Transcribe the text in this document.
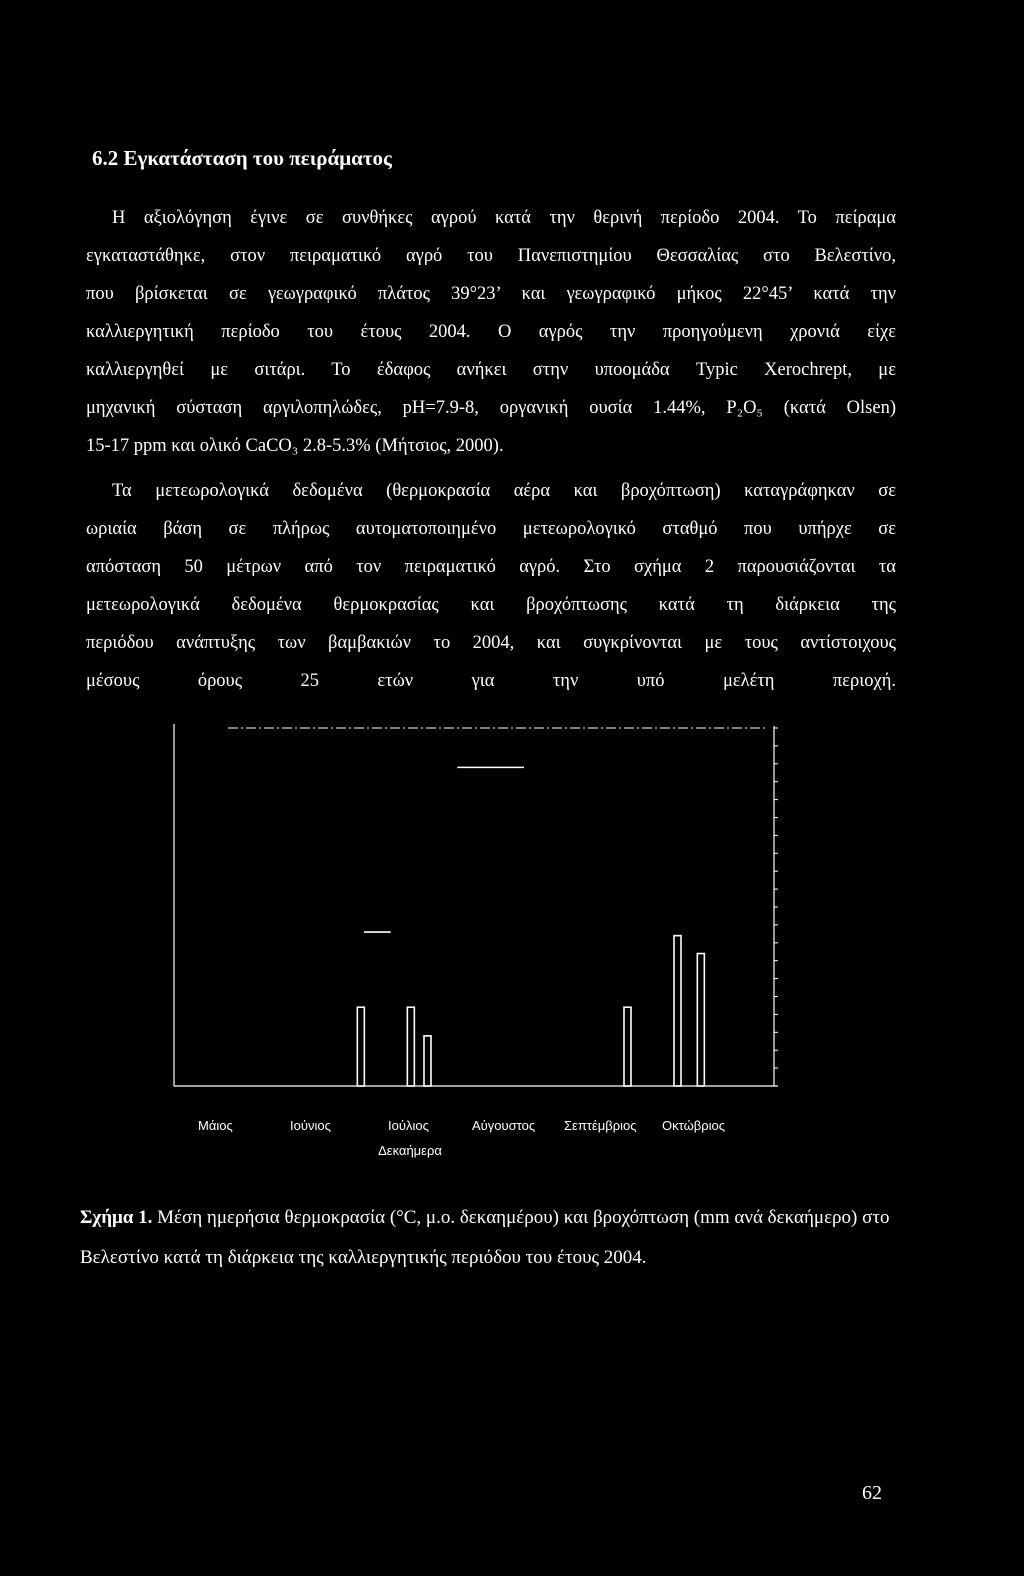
6.2 Εγκατάσταση του πειράματος
Η αξιολόγηση έγινε σε συνθήκες αγρού κατά την θερινή περίοδο 2004. Το πείραμα
εγκαταστάθηκε, στον πειραματικό αγρό του Πανεπιστημίου Θεσσαλίας στο Βελεστίνο,
που βρίσκεται σε γεωγραφικό πλάτος 39°23’ και γεωγραφικό μήκος 22°45’ κατά την
καλλιεργητική περίοδο του έτους 2004. Ο αγρός την προηγούμενη χρονιά είχε
καλλιεργηθεί με σιτάρι. Το έδαφος ανήκει στην υποομάδα Typic Xerochrept, με
μηχανική σύσταση αργιλοπηλώδες, pH=7.9-8, οργανική ουσία 1.44%, P₂O₅ (κατά Olsen)
15-17 ppm και ολικό CaCO₃ 2.8-5.3% (Μήτσιος, 2000).
Τα μετεωρολογικά δεδομένα (θερμοκρασία αέρα και βροχόπτωση) καταγράφηκαν σε
ωριαία βάση σε πλήρως αυτοματοποιημένο μετεωρολογικό σταθμό που υπήρχε σε
απόσταση 50 μέτρων από τον πειραματικό αγρό. Στο σχήμα 2 παρουσιάζονται τα
μετεωρολογικά δεδομένα θερμοκρασίας και βροχόπτωσης κατά τη διάρκεια της
περιόδου ανάπτυξης των βαμβακιών το 2004, και συγκρίνονται με τους αντίστοιχους
μέσους όρους 25 ετών για την υπό μελέτη περιοχή.
Μάιος	Ιούνιος	Ιούλιος	Αύγουστος Σεπτέμβριος Οκτώβριος
Δεκαήμερα

Σχήμα 1. Μέση ημερήσια θερμοκρασία (°C, μ.ο. δεκαημέρου) και βροχόπτωση (mm ανά δεκαήμερο) στο Βελεστίνο κατά τη διάρκεια της καλλιεργητικής περιόδου του έτους 2004.

62
